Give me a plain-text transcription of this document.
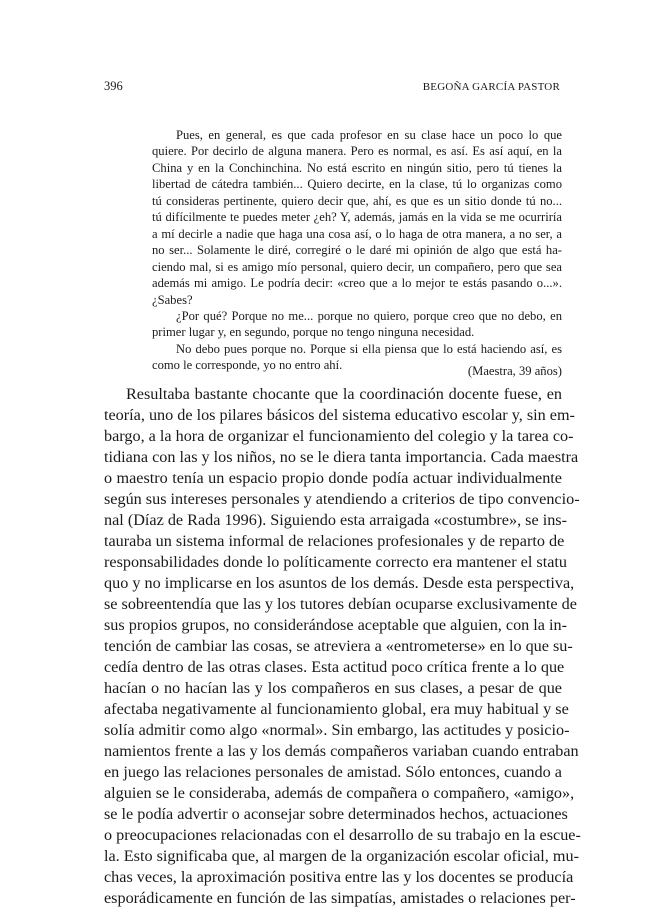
396	BEGOÑA GARCÍA PASTOR
Pues, en general, es que cada profesor en su clase hace un poco lo que
quiere. Por decirlo de alguna manera. Pero es normal, es así. Es así aquí, en la
China y en la Conchinchina. No está escrito en ningún sitio, pero tú tienes la
libertad de cátedra también... Quiero decirte, en la clase, tú lo organizas como
tú consideras pertinente, quiero decir que, ahí, es que es un sitio donde tú no...
tú difícilmente te puedes meter ¿eh? Y, además, jamás en la vida se me ocurriría
a mí decirle a nadie que haga una cosa así, o lo haga de otra manera, a no ser, a
no ser... Solamente le diré, corregiré o le daré mi opinión de algo que está ha-
ciendo mal, si es amigo mío personal, quiero decir, un compañero, pero que sea
además mi amigo. Le podría decir: «creo que a lo mejor te estás pasando o...».
¿Sabes?
¿Por qué? Porque no me... porque no quiero, porque creo que no debo, en
primer lugar y, en segundo, porque no tengo ninguna necesidad.
No debo pues porque no. Porque si ella piensa que lo está haciendo así, es
como le corresponde, yo no entro ahí.	(Maestra, 39 años)
Resultaba bastante chocante que la coordinación docente fuese, en
teoría, uno de los pilares básicos del sistema educativo escolar y, sin em-
bargo, a la hora de organizar el funcionamiento del colegio y la tarea co-
tidiana con las y los niños, no se le diera tanta importancia. Cada maestra
o maestro tenía un espacio propio donde podía actuar individualmente
según sus intereses personales y atendiendo a criterios de tipo convencio-
nal (Díaz de Rada 1996). Siguiendo esta arraigada «costumbre», se ins-
tauraba un sistema informal de relaciones profesionales y de reparto de
responsabilidades donde lo políticamente correcto era mantener el statu
quo y no implicarse en los asuntos de los demás. Desde esta perspectiva,
se sobreentendía que las y los tutores debían ocuparse exclusivamente de
sus propios grupos, no considerándose aceptable que alguien, con la in-
tención de cambiar las cosas, se atreviera a «entrometerse» en lo que su-
cedía dentro de las otras clases. Esta actitud poco crítica frente a lo que
hacían o no hacían las y los compañeros en sus clases, a pesar de que
afectaba negativamente al funcionamiento global, era muy habitual y se
solía admitir como algo «normal». Sin embargo, las actitudes y posicio-
namientos frente a las y los demás compañeros variaban cuando entraban
en juego las relaciones personales de amistad. Sólo entonces, cuando a
alguien se le consideraba, además de compañera o compañero, «amigo»,
se le podía advertir o aconsejar sobre determinados hechos, actuaciones
o preocupaciones relacionadas con el desarrollo de su trabajo en la escue-
la. Esto significaba que, al margen de la organización escolar oficial, mu-
chas veces, la aproximación positiva entre las y los docentes se producía
esporádicamente en función de las simpatías, amistades o relaciones per-
